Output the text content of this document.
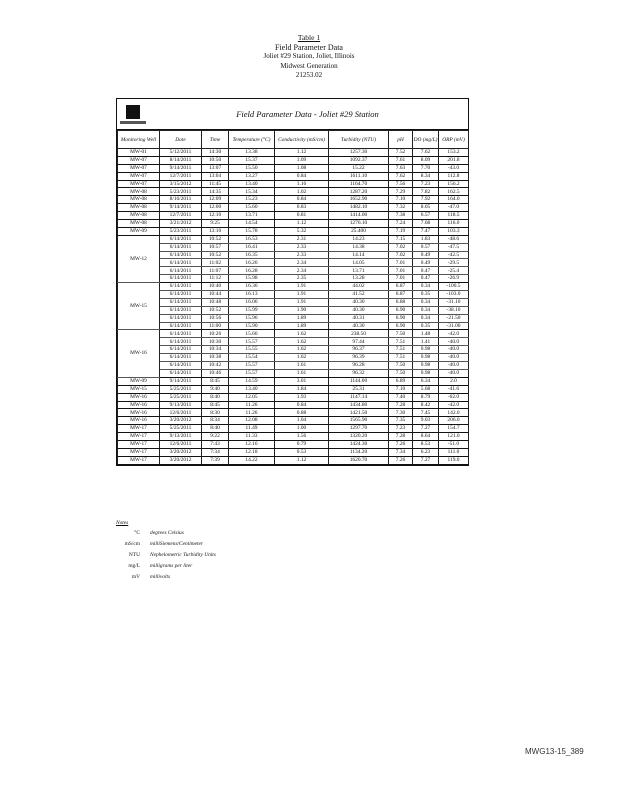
Table 1
Field Parameter Data
Joliet #29 Station, Joliet, Illinois
Midwest Generation
21253.02
Field Parameter Data - Joliet #29 Station
Monitoring Well	Date	Time	Temperature (°C)	Conductivity (mS/cm)	Turbidity (NTU)	pH	DO (mg/L)	ORP (mV)
MW-01	5/12/2011	14:30	13.38	1.12	1257.30	7.52	7.62	153.2
MW-07	8/14/2011	10:50	15.37	1.09	1092.37	7.61	8.09	201.8
MW-07	9/14/2011	13:07	15.50	1.08	15.22	7.63	7.70	-43.0
MW-07	12/7/2011	13:04	13.27	0.84	1611.10	7.62	8.34	112.8
MW-07	3/15/2012	11:45	13.40	1.16	1164.70	7.56	7.23	156.2
MW-08	5/23/2011	14:35	15.34	1.02	1287.20	7.29	7.82	162.5
MW-08	8/16/2011	12:09	15.23	0.84	1652.90	7.10	7.92	164.0
MW-08	9/14/2011	12:00	15.60	0.83	1482.10	7.32	8.05	-47.0
MW-08	12/7/2011	12:10	13.71	0.81	1414.00	7.38	6.57	118.5
MW-08	3/21/2012	9:25	14.54	1.12	1276.10	7.24	7.68	116.0
MW-09	5/23/2011	13:10	15.78	5.32	25.400	7.19	7.47	103.3
MW-12	6/14/2011	10:52	16.53	2.31	14.23	7.15	1.83	-48.6
	6/14/2011	10:57	16.41	2.33	14.38	7.02	0.57	-47.5
	6/14/2011	10:52	16.35	2.33	14.14	7.02	0.49	-42.5
	6/14/2011	11:02	16.26	2.34	14.05	7.01	0.49	-29.5
	6/14/2011	11:07	16.28	2.34	13.71	7.01	0.47	-25.4
	6/14/2011	11:12	15.98	2.35	13.28	7.01	0.47	-26.9
MW-15	6/14/2011	10:40	16.36	1.91	44.02	6.87	0.34	-100.5
	6/14/2011	10:44	16.13	1.91	41.52	6.87	0.35	-103.0
	6/14/2011	10:48	16.06	1.91	40.30	6.88	0.34	-31.10
	6/14/2011	10:52	15.99	1.90	40.30	6.90	0.34	-38.10
	6/14/2011	10:56	15.96	1.89	40.31	6.90	0.34	-21.50
	6/14/2011	11:00	15.90	1.89	40.30	6.90	0.35	-31.00
MW-16	6/14/2011	10:26	15.66	1.62	238.50	7.50	1.48	-42.0
	6/14/2011	10:30	15.57	1.62	97.44	7.51	1.41	-40.0
	6/14/2011	10:34	15.55	1.62	96.37	7.51	0.98	-40.0
	6/14/2011	10:38	15.54	1.62	96.39	7.51	0.98	-40.0
	6/14/2011	10:42	15.57	1.61	96.28	7.50	0.98	-40.0
	6/14/2011	10:46	15.57	1.61	96.32	7.50	0.98	-40.0
MW-09	9/14/2011	8:45	14.59	3.01	1144.00	6.89	6.34	2.0
MW-15	5/25/2011	9:40	13.40	1.84	25.31	7.10	5.68	-41.6
MW-16	5/25/2011	8:40	12.05	1.93	1147.14	7.40	8.79	-62.0
MW-16	9/13/2011	8:45	11.26	0.84	1434.80	7.28	8.42	-42.0
MW-16	12/6/2011	8:30	11.26	0.88	1421.50	7.30	7.45	142.0
MW-16	3/20/2012	8:34	12.08	1.04	1565.90	7.35	9.03	206.0
MW-17	5/25/2011	8:40	11.49	1.00	1297.70	7.23	7.27	154.7
MW-17	9/13/2011	9:22	11.33	1.56	1320.20	7.28	8.64	121.0
MW-17	12/6/2011	7:43	12.16	0.79	1424.30	7.26	8.53	-51.0
MW-17	3/20/2012	7:34	12.18	0.53	1134.20	7.34	6.23	111.0
MW-17	3/20/2012	7:39	14.22	1.12	1620.70	7.26	7.27	119.0
Notes
°C	degrees Celsius
mS/cm	milliSiemens/Centimeter
NTU	Nephelometric Turbidity Units
mg/L	milligrams per liter
mV	millivolts
MWG13-15_389
